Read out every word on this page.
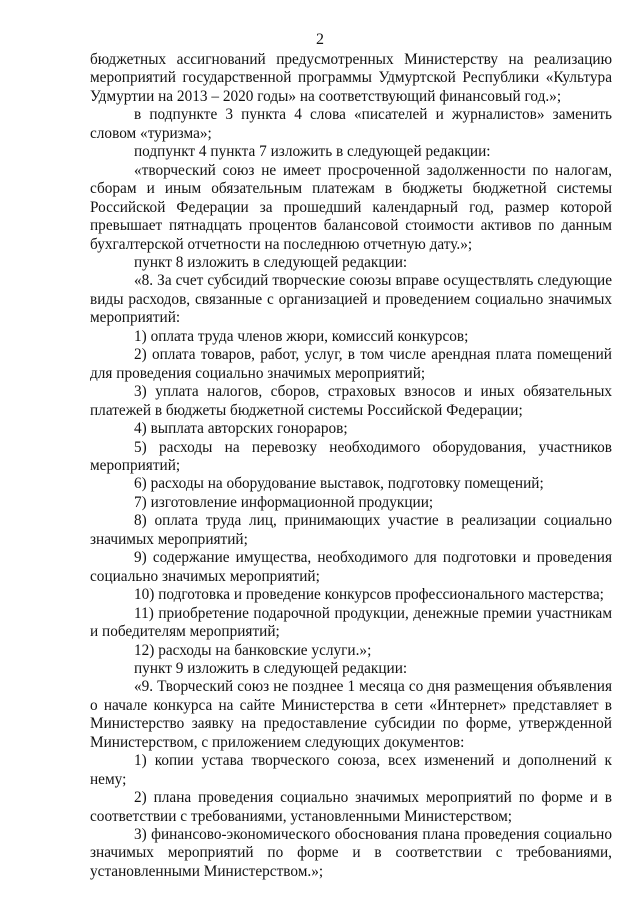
2

бюджетных ассигнований предусмотренных Министерству на реализацию мероприятий государственной программы Удмуртской Республики «Культура Удмуртии на 2013 – 2020 годы» на соответствующий финансовый год.»;

в подпункте 3 пункта 4 слова «писателей и журналистов» заменить словом «туризма»;

подпункт 4 пункта 7 изложить в следующей редакции:

«творческий союз не имеет просроченной задолженности по налогам, сборам и иным обязательным платежам в бюджеты бюджетной системы Российской Федерации за прошедший календарный год, размер которой превышает пятнадцать процентов балансовой стоимости активов по данным бухгалтерской отчетности на последнюю отчетную дату.»;

пункт 8 изложить в следующей редакции:

«8. За счет субсидий творческие союзы вправе осуществлять следующие виды расходов, связанные с организацией и проведением социально значимых мероприятий:

1) оплата труда членов жюри, комиссий конкурсов;

2) оплата товаров, работ, услуг, в том числе арендная плата помещений для проведения социально значимых мероприятий;

3) уплата налогов, сборов, страховых взносов и иных обязательных платежей в бюджеты бюджетной системы Российской Федерации;

4) выплата авторских гонораров;

5) расходы на перевозку необходимого оборудования, участников мероприятий;

6) расходы на оборудование выставок, подготовку помещений;

7) изготовление информационной продукции;

8) оплата труда лиц, принимающих участие в реализации социально значимых мероприятий;

9) содержание имущества, необходимого для подготовки и проведения социально значимых мероприятий;

10) подготовка и проведение конкурсов профессионального мастерства;

11) приобретение подарочной продукции, денежные премии участникам и победителям мероприятий;

12) расходы на банковские услуги.»;

пункт 9 изложить в следующей редакции:

«9. Творческий союз не позднее 1 месяца со дня размещения объявления о начале конкурса на сайте Министерства в сети «Интернет» представляет в Министерство заявку на предоставление субсидии по форме, утвержденной Министерством, с приложением следующих документов:

1) копии устава творческого союза, всех изменений и дополнений к нему;

2) плана проведения социально значимых мероприятий по форме и в соответствии с требованиями, установленными Министерством;

3) финансово-экономического обоснования плана проведения социально значимых мероприятий по форме и в соответствии с требованиями, установленными Министерством.»;
